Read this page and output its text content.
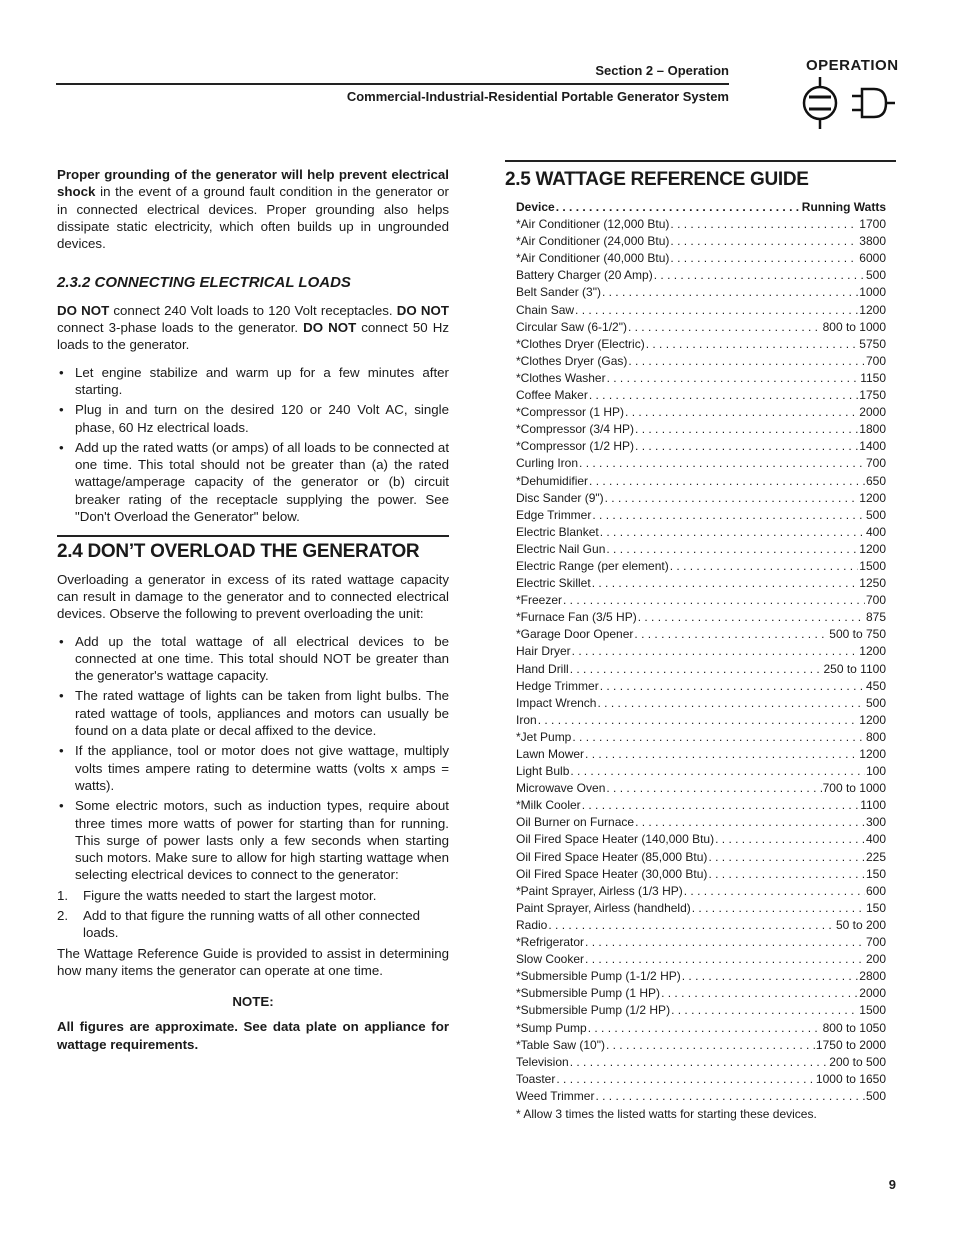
Section 2 – Operation
Commercial-Industrial-Residential Portable Generator System
OPERATION

Proper grounding of the generator will help prevent electrical shock in the event of a ground fault condition in the generator or in connected electrical devices. Proper grounding also helps dissipate static electricity, which often builds up in ungrounded devices.

2.3.2 CONNECTING ELECTRICAL LOADS

DO NOT connect 240 Volt loads to 120 Volt receptacles. DO NOT connect 3-phase loads to the generator. DO NOT connect 50 Hz loads to the generator.

• Let engine stabilize and warm up for a few minutes after starting.
• Plug in and turn on the desired 120 or 240 Volt AC, single phase, 60 Hz electrical loads.
• Add up the rated watts (or amps) of all loads to be connected at one time. This total should not be greater than (a) the rated wattage/amperage capacity of the generator or (b) circuit breaker rating of the receptacle supplying the power. See "Don't Overload the Generator" below.
2.4 DON’T OVERLOAD THE GENERATOR

Overloading a generator in excess of its rated wattage capacity can result in damage to the generator and to connected electrical devices. Observe the following to prevent overloading the unit:

• Add up the total wattage of all electrical devices to be connected at one time. This total should NOT be greater than the generator's wattage capacity.
• The rated wattage of lights can be taken from light bulbs. The rated wattage of tools, appliances and motors can usually be found on a data plate or decal affixed to the device.
• If the appliance, tool or motor does not give wattage, multiply volts times ampere rating to determine watts (volts x amps = watts).
• Some electric motors, such as induction types, require about three times more watts of power for starting than for running. This surge of power lasts only a few seconds when starting such motors. Make sure to allow for high starting wattage when selecting electrical devices to connect to the generator:
1. Figure the watts needed to start the largest motor.
2. Add to that figure the running watts of all other connected loads.

The Wattage Reference Guide is provided to assist in determining how many items the generator can operate at one time.

NOTE:

All figures are approximate. See data plate on appliance for wattage requirements.

2.5 WATTAGE REFERENCE GUIDE
Device . . .	Running Watts
*Air Conditioner (12,000 Btu) . . .	1700
*Air Conditioner (24,000 Btu) . . .	3800
*Air Conditioner (40,000 Btu) . . .	6000
Battery Charger (20 Amp) . . .	500
Belt Sander (3") . . .	1000
Chain Saw . . .	1200
Circular Saw (6-1/2") . . .	800 to 1000
*Clothes Dryer (Electric) . . .	5750
*Clothes Dryer (Gas) . . .	700
*Clothes Washer . . .	1150
Coffee Maker . . .	1750
*Compressor (1 HP) . . .	2000
*Compressor (3/4 HP) . . .	1800
*Compressor (1/2 HP) . . .	1400
Curling Iron . . .	700
*Dehumidifier . . .	650
Disc Sander (9") . . .	1200
Edge Trimmer . . .	500
Electric Blanket . . .	400
Electric Nail Gun . . .	1200
Electric Range (per element) . . .	1500
Electric Skillet . . .	1250
*Freezer . . .	700
*Furnace Fan (3/5 HP) . . .	875
*Garage Door Opener . . .	500 to 750
Hair Dryer . . .	1200
Hand Drill . . .	250 to 1100
Hedge Trimmer . . .	450
Impact Wrench . . .	500
Iron . . .	1200
*Jet Pump . . .	800
Lawn Mower . . .	1200
Light Bulb . . .	100
Microwave Oven . . .	700 to 1000
*Milk Cooler . . .	1100
Oil Burner on Furnace . . .	300
Oil Fired Space Heater (140,000 Btu) . . .	400
Oil Fired Space Heater (85,000 Btu) . . .	225
Oil Fired Space Heater (30,000 Btu) . . .	150
*Paint Sprayer, Airless (1/3 HP) . . .	600
Paint Sprayer, Airless (handheld) . . .	150
Radio . . .	50 to 200
*Refrigerator . . .	700
Slow Cooker . . .	200
*Submersible Pump (1-1/2 HP) . . .	2800
*Submersible Pump (1 HP) . . .	2000
*Submersible Pump (1/2 HP) . . .	1500
*Sump Pump . . .	800 to 1050
*Table Saw (10") . . .	1750 to 2000
Television . . .	200 to 500
Toaster . . .	1000 to 1650
Weed Trimmer . . .	500
* Allow 3 times the listed watts for starting these devices.
9
